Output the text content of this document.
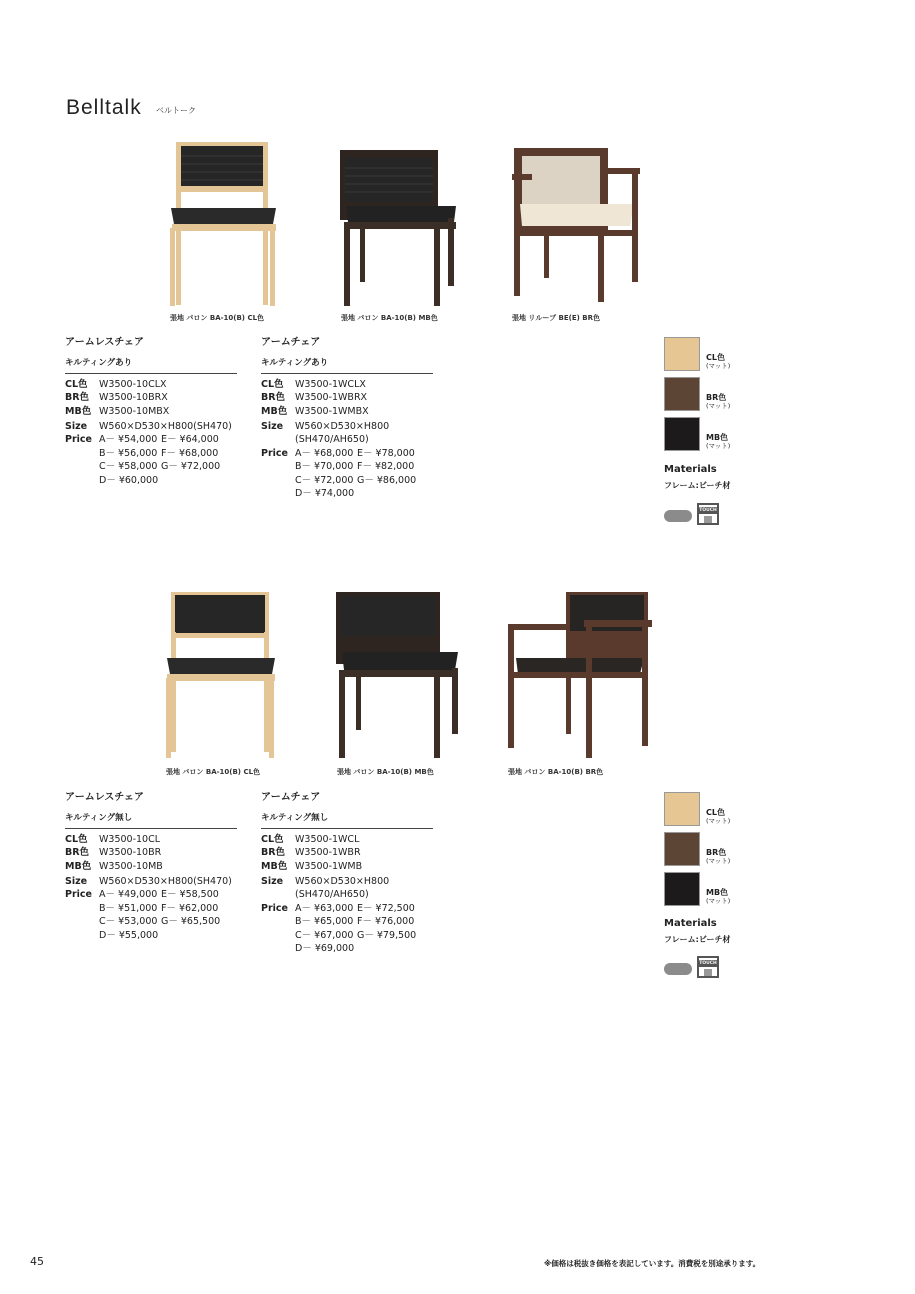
Belltalk ベルトーク
張地 バロン BA-10(B) CL色	張地 バロン BA-10(B) MB色	張地 リループ BE(E) BR色
アームレスチェア
キルティングあり
CL色	W3500-10CLX
BR色	W3500-10BRX
MB色 W3500-10MBX
Size	W560×D530×H800(SH470)
Price A－ ¥54,000 E－ ¥64,000
B－ ¥56,000 F－ ¥68,000
C－ ¥58,000 G－ ¥72,000
D－ ¥60,000
アームチェア
キルティングあり
CL色	W3500-1WCLX
BR色	W3500-1WBRX
MB色 W3500-1WMBX
Size	W560×D530×H800
(SH470/AH650)
Price A－ ¥68,000 E－ ¥78,000
B－ ¥70,000 F－ ¥82,000
C－ ¥72,000 G－ ¥86,000
D－ ¥74,000
CL色
(マット)
BR色
(マット)
MB色
(マット)
Materials
フレーム:ビーチ材
TOUCH
張地 バロン BA-10(B) CL色	張地 バロン BA-10(B) MB色	張地 バロン BA-10(B) BR色
アームレスチェア
キルティング無し
CL色	W3500-10CL
BR色	W3500-10BR
MB色 W3500-10MB
Size	W560×D530×H800(SH470)
Price A－ ¥49,000 E－ ¥58,500
B－ ¥51,000 F－ ¥62,000
C－ ¥53,000 G－ ¥65,500
D－ ¥55,000
アームチェア
キルティング無し
CL色	W3500-1WCL
BR色	W3500-1WBR
MB色 W3500-1WMB
Size	W560×D530×H800
(SH470/AH650)
Price A－ ¥63,000 E－ ¥72,500
B－ ¥65,000 F－ ¥76,000
C－ ¥67,000 G－ ¥79,500
D－ ¥69,000
CL色
(マット)
BR色
(マット)
MB色
(マット)
Materials
フレーム:ビーチ材
TOUCH
45	※価格は税抜き価格を表記しています。消費税を別途承ります。
